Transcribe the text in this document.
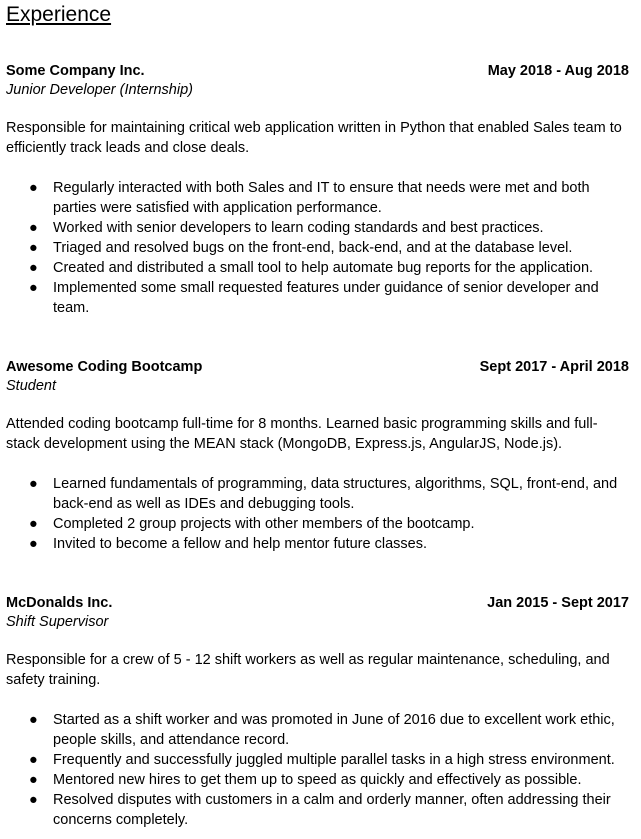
Experience
Some Company Inc.	May 2018 - Aug 2018
Junior Developer (Internship)

Responsible for maintaining critical web application written in Python that enabled Sales team to efficiently track leads and close deals.

● Regularly interacted with both Sales and IT to ensure that needs were met and both parties were satisfied with application performance.
● Worked with senior developers to learn coding standards and best practices.
● Triaged and resolved bugs on the front-end, back-end, and at the database level.
● Created and distributed a small tool to help automate bug reports for the application.
● Implemented some small requested features under guidance of senior developer and team.
Awesome Coding Bootcamp	Sept 2017 - April 2018
Student

Attended coding bootcamp full-time for 8 months. Learned basic programming skills and full-stack development using the MEAN stack (MongoDB, Express.js, AngularJS, Node.js).

● Learned fundamentals of programming, data structures, algorithms, SQL, front-end, and back-end as well as IDEs and debugging tools.
● Completed 2 group projects with other members of the bootcamp.
● Invited to become a fellow and help mentor future classes.
McDonalds Inc.	Jan 2015 - Sept 2017
Shift Supervisor

Responsible for a crew of 5 - 12 shift workers as well as regular maintenance, scheduling, and safety training.

● Started as a shift worker and was promoted in June of 2016 due to excellent work ethic, people skills, and attendance record.
● Frequently and successfully juggled multiple parallel tasks in a high stress environment.
● Mentored new hires to get them up to speed as quickly and effectively as possible.
● Resolved disputes with customers in a calm and orderly manner, often addressing their concerns completely.
